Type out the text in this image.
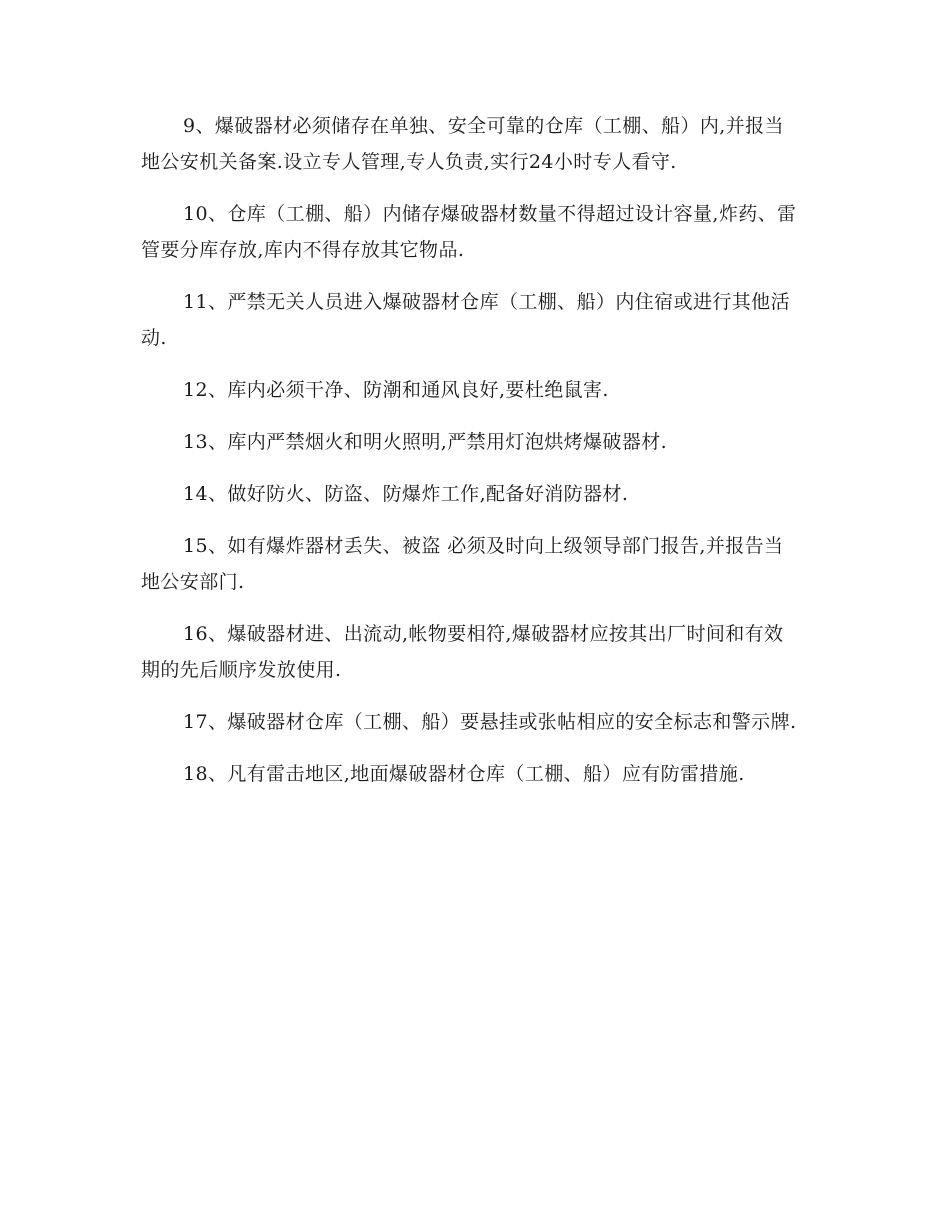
9、爆破器材必须储存在单独、安全可靠的仓库（工棚、船）内,并报当地公安机关备案.设立专人管理,专人负责,实行24小时专人看守.

10、仓库（工棚、船）内储存爆破器材数量不得超过设计容量,炸药、雷管要分库存放,库内不得存放其它物品.

11、严禁无关人员进入爆破器材仓库（工棚、船）内住宿或进行其他活动.

12、库内必须干净、防潮和通风良好,要杜绝鼠害.

13、库内严禁烟火和明火照明,严禁用灯泡烘烤爆破器材.

14、做好防火、防盗、防爆炸工作,配备好消防器材.

15、如有爆炸器材丢失、被盗 必须及时向上级领导部门报告,并报告当地公安部门.

16、爆破器材进、出流动,帐物要相符,爆破器材应按其出厂时间和有效期的先后顺序发放使用.

17、爆破器材仓库（工棚、船）要悬挂或张帖相应的安全标志和警示牌.

18、凡有雷击地区,地面爆破器材仓库（工棚、船）应有防雷措施.
